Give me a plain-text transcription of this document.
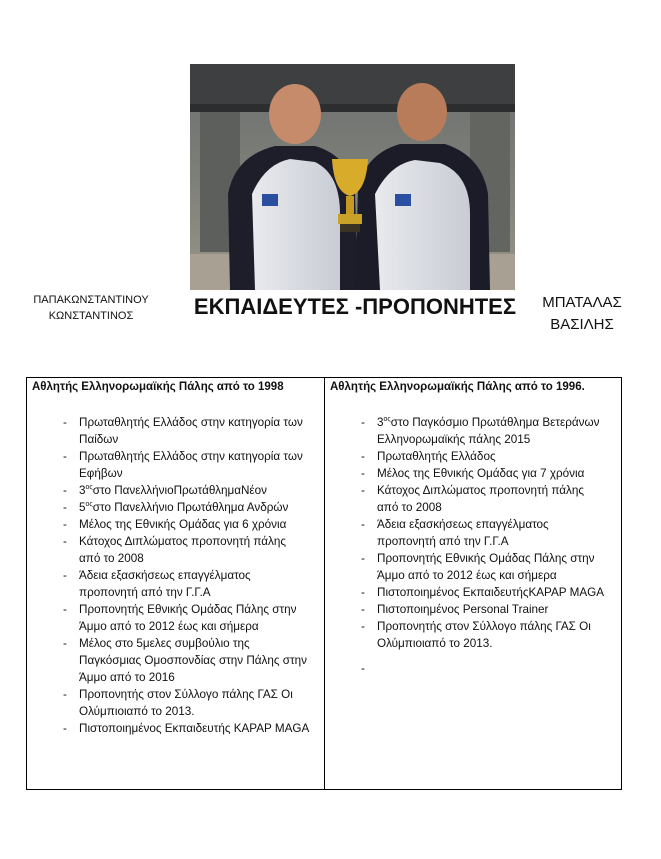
ΠΑΠΑΚΩΝΣΤΑΝΤΙΝΟΥ
ΚΩΝΣΤΑΝΤΙΝΟΣ	ΕΚΠΑΙΔΕΥΤΕΣ -ΠΡΟΠΟΝΗΤΕΣ	ΜΠΑΤΑΛΑΣ
ΒΑΣΙΛΗΣ
Αθλητής Ελληνορωμαϊκής Πάλης από το 1998
- Πρωταθλητής Ελλάδος στην κατηγορία των Παίδων
- Πρωταθλητής Ελλάδος στην κατηγορία των Εφήβων
- $3^{o\varsigma}\sigma\tau o$ ΠανελλήνιοΠρωτάθλημαΝέον
- $5^{o\varsigma}\sigma\tau o$ Πανελλήνιο Πρωτάθλημα Ανδρών
- Μέλος της Εθνικής Ομάδας για 6 χρόνια
- Κάτοχος Διπλώματος προπονητή πάλης από το 2008
- Άδεια εξασκήσεως επαγγέλματος προπονητή από την Γ.Γ.Α
- Προπονητής Εθνικής Ομάδας Πάλης στην Άμμο από το 2012 έως και σήμερα
- Μέλος στο 5μελες συμβούλιο της Παγκόσμιας Ομοσπονδίας στην Πάλης στην Άμμο από το 2016
- Προπονητής στον Σύλλογο πάλης ΓΑΣ Οι Ολύμπιοιαπό το 2013.
- Πιστοποιημένος Εκπαιδευτής ΚΑΡΑΡ MAGA
Αθλητής Ελληνορωμαϊκής Πάλης από το 1996.
- $3^{o\varsigma}\sigma\tau o$ Παγκόσμιο Πρωτάθλημα Βετεράνων Ελληνορωμαϊκής πάλης 2015
- Πρωταθλητής Ελλάδος
- Μέλος της Εθνικής Ομάδας για 7 χρόνια
- Κάτοχος Διπλώματος προπονητή πάλης από το 2008
- Άδεια εξασκήσεως επαγγέλματος προπονητή από την Γ.Γ.Α
- Προπονητής Εθνικής Ομάδας Πάλης στην Άμμο από το 2012 έως και σήμερα
- Πιστοποιημένος ΕκπαιδευτήςΚΑΡΑΡ MAGA
- Πιστοποιημένος Personal Trainer
- Προπονητής στον Σύλλογο πάλης ΓΑΣ Οι Ολύμπιοιαπό το 2013.
-
